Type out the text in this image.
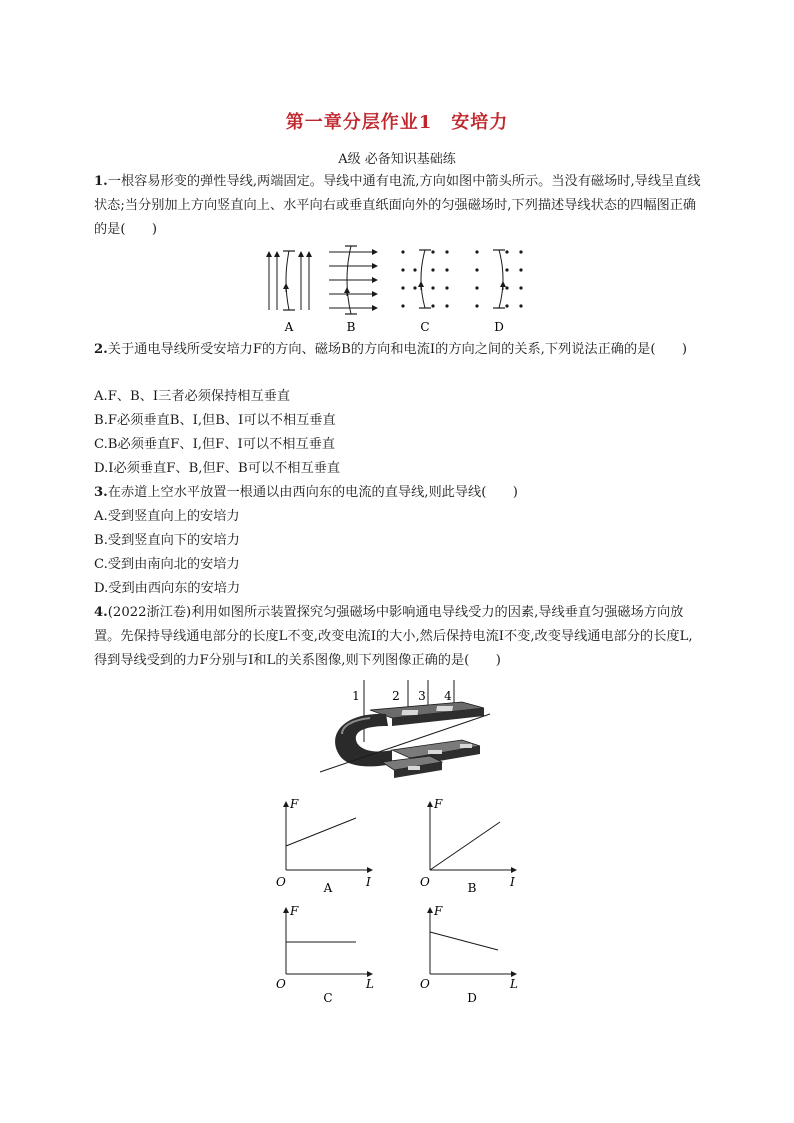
第一章分层作业1　安培力
A级 必备知识基础练
1.一根容易形变的弹性导线,两端固定。导线中通有电流,方向如图中箭头所示。当没有磁场时,导线呈直线状态;当分别加上方向竖直向上、水平向右或垂直纸面向外的匀强磁场时,下列描述导线状态的四幅图正确的是(　　)
A	B	C	D
2.关于通电导线所受安培力F的方向、磁场B的方向和电流I的方向之间的关系,下列说法正确的是(　　)
A.F、B、I三者必须保持相互垂直
B.F必须垂直B、I,但B、I可以不相互垂直
C.B必须垂直F、I,但F、I可以不相互垂直
D.I必须垂直F、B,但F、B可以不相互垂直
3.在赤道上空水平放置一根通以由西向东的电流的直导线,则此导线(　　)
A.受到竖直向上的安培力
B.受到竖直向下的安培力
C.受到由南向北的安培力
D.受到由西向东的安培力
4.(2022浙江卷)利用如图所示装置探究匀强磁场中影响通电导线受力的因素,导线垂直匀强磁场方向放置。先保持导线通电部分的长度L不变,改变电流I的大小,然后保持电流I不变,改变导线通电部分的长度L,得到导线受到的力F分别与I和L的关系图像,则下列图像正确的是(　　)
1	2 3 4
F
I
O	A
F
I
O	B
F
L
O
C
F
L
O
D
